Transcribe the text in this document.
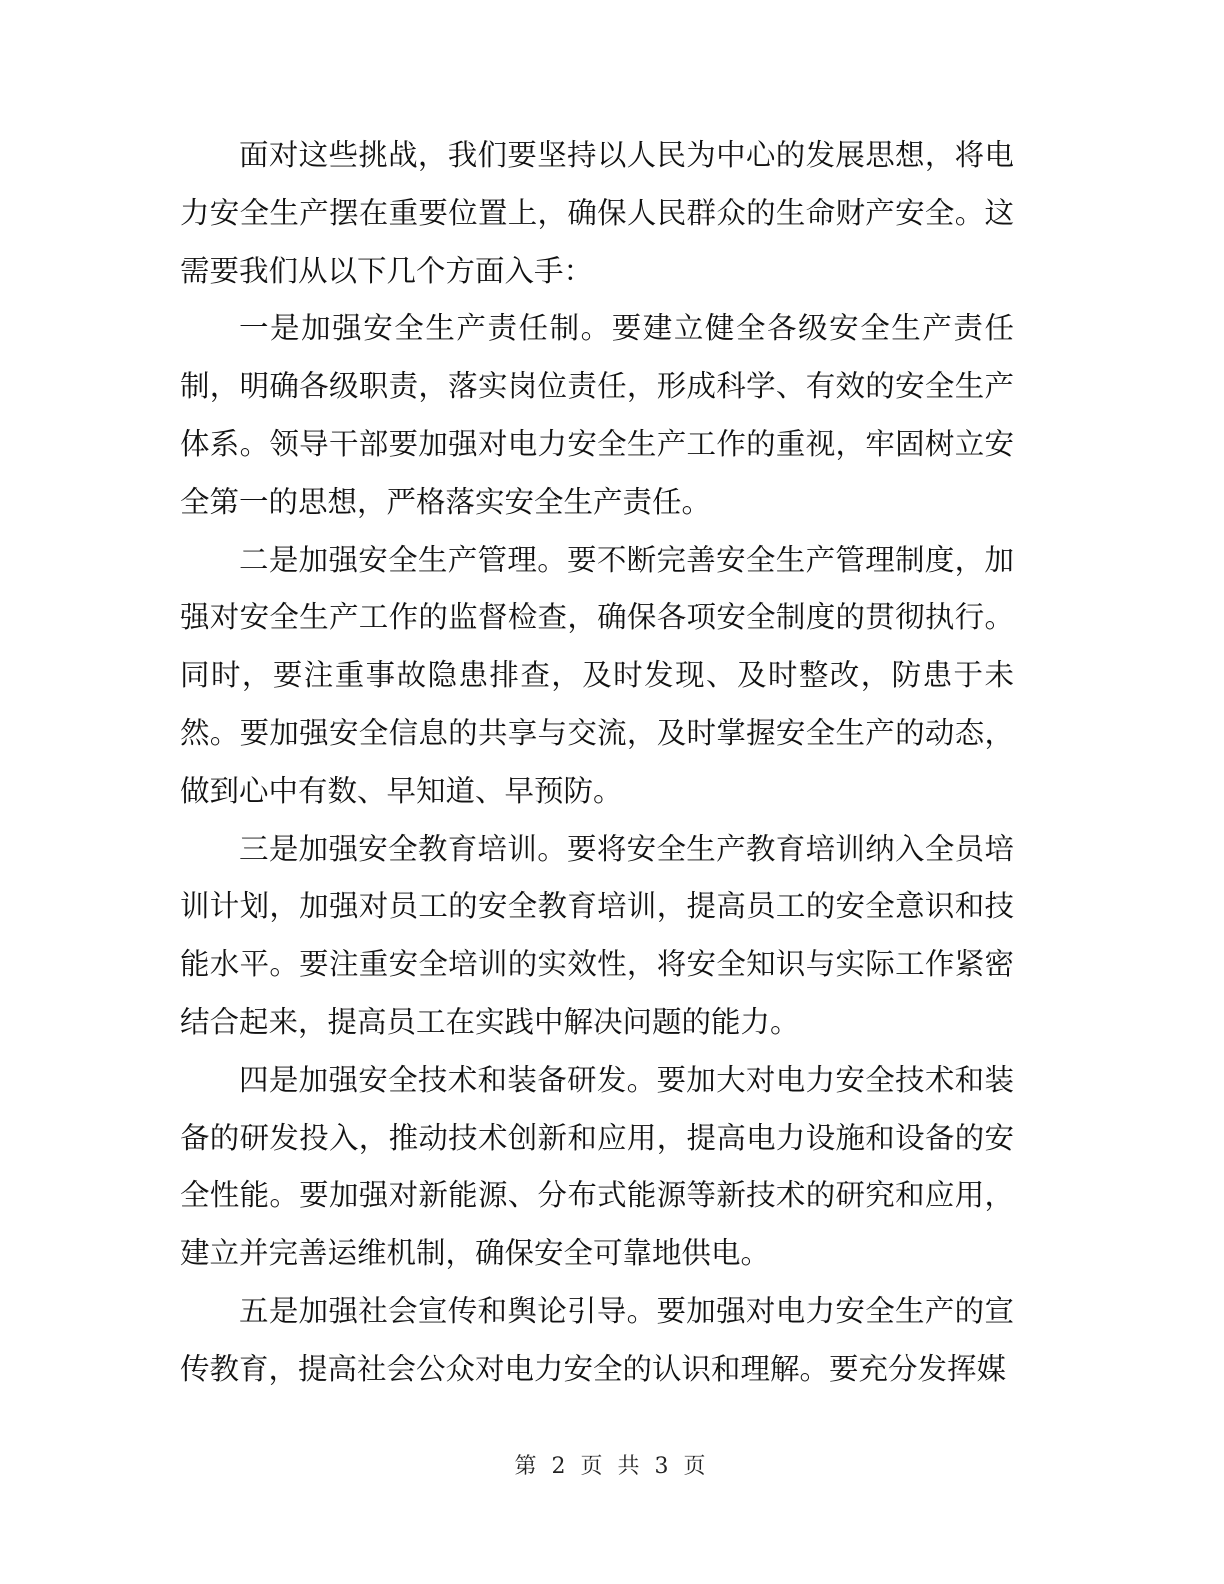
面对这些挑战，我们要坚持以人民为中心的发展思想，将电力安全生产摆在重要位置上，确保人民群众的生命财产安全。这需要我们从以下几个方面入手：

一是加强安全生产责任制。要建立健全各级安全生产责任制，明确各级职责，落实岗位责任，形成科学、有效的安全生产体系。领导干部要加强对电力安全生产工作的重视，牢固树立安全第一的思想，严格落实安全生产责任。

二是加强安全生产管理。要不断完善安全生产管理制度，加强对安全生产工作的监督检查，确保各项安全制度的贯彻执行。同时，要注重事故隐患排查，及时发现、及时整改，防患于未然。要加强安全信息的共享与交流，及时掌握安全生产的动态，做到心中有数、早知道、早预防。

三是加强安全教育培训。要将安全生产教育培训纳入全员培训计划，加强对员工的安全教育培训，提高员工的安全意识和技能水平。要注重安全培训的实效性，将安全知识与实际工作紧密结合起来，提高员工在实践中解决问题的能力。

四是加强安全技术和装备研发。要加大对电力安全技术和装备的研发投入，推动技术创新和应用，提高电力设施和设备的安全性能。要加强对新能源、分布式能源等新技术的研究和应用，建立并完善运维机制，确保安全可靠地供电。

五是加强社会宣传和舆论引导。要加强对电力安全生产的宣传教育，提高社会公众对电力安全的认识和理解。要充分发挥媒

第 2 页 共 3 页
